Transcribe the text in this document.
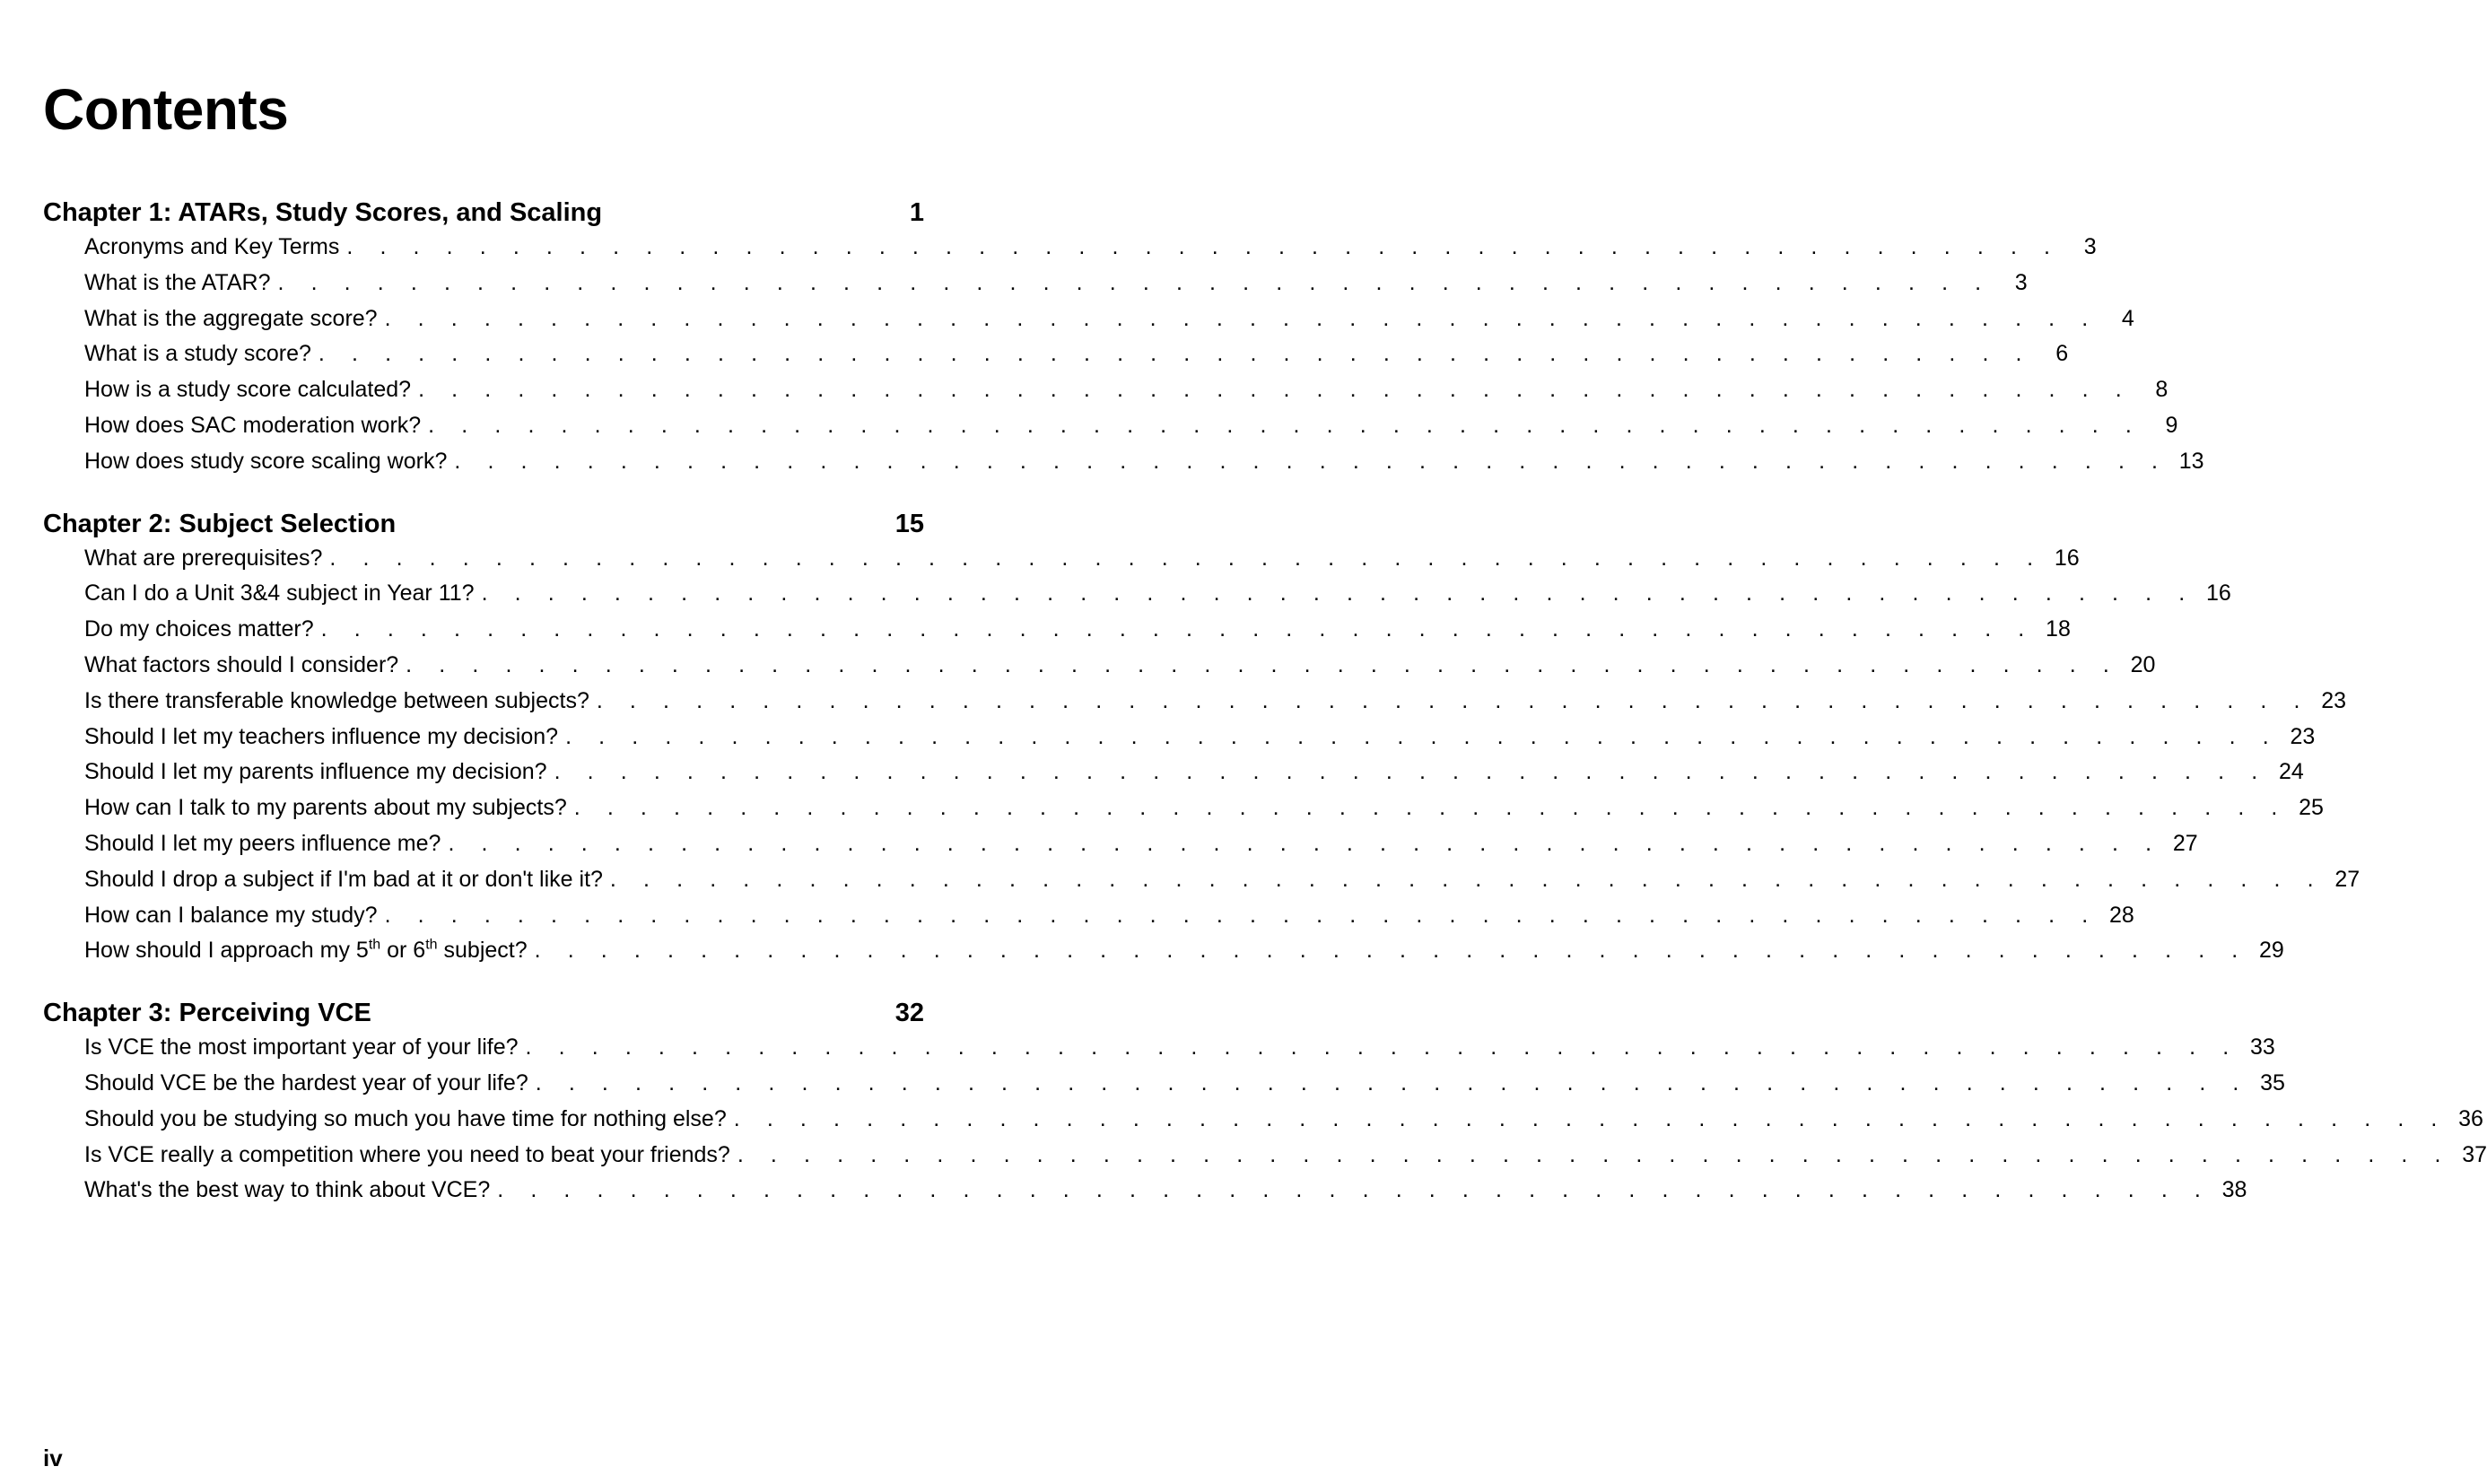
Contents
Chapter 1: ATARs, Study Scores, and Scaling	1
Acronyms and Key Terms . . . . . . . . . . . . . . . . . . . . . . . . . . . . . . . . . . . . . . . . . . . . . . . . . . . .	3
What is the ATAR? . . . . . . . . . . . . . . . . . . . . . . . . . . . . . . . . . . . . . . . . . . . . . . . . . . . .	3
What is the aggregate score? . . . . . . . . . . . . . . . . . . . . . . . . . . . . . . . . . . . . . . . . . . . . . . . . . . . .	4
What is a study score? . . . . . . . . . . . . . . . . . . . . . . . . . . . . . . . . . . . . . . . . . . . . . . . . . . . .	6
How is a study score calculated? . . . . . . . . . . . . . . . . . . . . . . . . . . . . . . . . . . . . . . . . . . . . . . . . . . . .	8
How does SAC moderation work? . . . . . . . . . . . . . . . . . . . . . . . . . . . . . . . . . . . . . . . . . . . . . . . . . . . .	9
How does study score scaling work? . . . . . . . . . . . . . . . . . . . . . . . . . . . . . . . . . . . . . . . . . . . . . . . . . . . . 13
Chapter 2: Subject Selection	15
What are prerequisites? . . . . . . . . . . . . . . . . . . . . . . . . . . . . . . . . . . . . . . . . . . . . . . . . . . . . 16
Can I do a Unit 3&4 subject in Year 11? . . . . . . . . . . . . . . . . . . . . . . . . . . . . . . . . . . . . . . . . . . . . . . . . . . . . 16
Do my choices matter? . . . . . . . . . . . . . . . . . . . . . . . . . . . . . . . . . . . . . . . . . . . . . . . . . . . . 18
What factors should I consider? . . . . . . . . . . . . . . . . . . . . . . . . . . . . . . . . . . . . . . . . . . . . . . . . . . . . 20
Is there transferable knowledge between subjects? . . . . . . . . . . . . . . . . . . . . . . . . . . . . . . . . . . . . . . . . . . . . . . . . . . . . 23
Should I let my teachers influence my decision? . . . . . . . . . . . . . . . . . . . . . . . . . . . . . . . . . . . . . . . . . . . . . . . . . . . . 23
Should I let my parents influence my decision? . . . . . . . . . . . . . . . . . . . . . . . . . . . . . . . . . . . . . . . . . . . . . . . . . . . . 24
How can I talk to my parents about my subjects? . . . . . . . . . . . . . . . . . . . . . . . . . . . . . . . . . . . . . . . . . . . . . . . . . . . . 25
Should I let my peers influence me? . . . . . . . . . . . . . . . . . . . . . . . . . . . . . . . . . . . . . . . . . . . . . . . . . . . . 27
Should I drop a subject if I'm bad at it or don't like it? . . . . . . . . . . . . . . . . . . . . . . . . . . . . . . . . . . . . . . . . . . . . . . . . . . . . 27
How can I balance my study? . . . . . . . . . . . . . . . . . . . . . . . . . . . . . . . . . . . . . . . . . . . . . . . . . . . . 28
How should I approach my 5th or 6th subject? . . . . . . . . . . . . . . . . . . . . . . . . . . . . . . . . . . . . . . . . . . . . . . . . . . . . 29
Chapter 3: Perceiving VCE	32
Is VCE the most important year of your life? . . . . . . . . . . . . . . . . . . . . . . . . . . . . . . . . . . . . . . . . . . . . . . . . . . . . 33
Should VCE be the hardest year of your life? . . . . . . . . . . . . . . . . . . . . . . . . . . . . . . . . . . . . . . . . . . . . . . . . . . . . 35
Should you be studying so much you have time for nothing else? . . . . . . . . . . . . . . . . . . . . . . . . . . . . . . . . . . . . . . . . . . . . . . . . . . . . 36
Is VCE really a competition where you need to beat your friends? . . . . . . . . . . . . . . . . . . . . . . . . . . . . . . . . . . . . . . . . . . . . . . . . . . . . 37
What's the best way to think about VCE? . . . . . . . . . . . . . . . . . . . . . . . . . . . . . . . . . . . . . . . . . . . . . . . . . . . . 38
iv
